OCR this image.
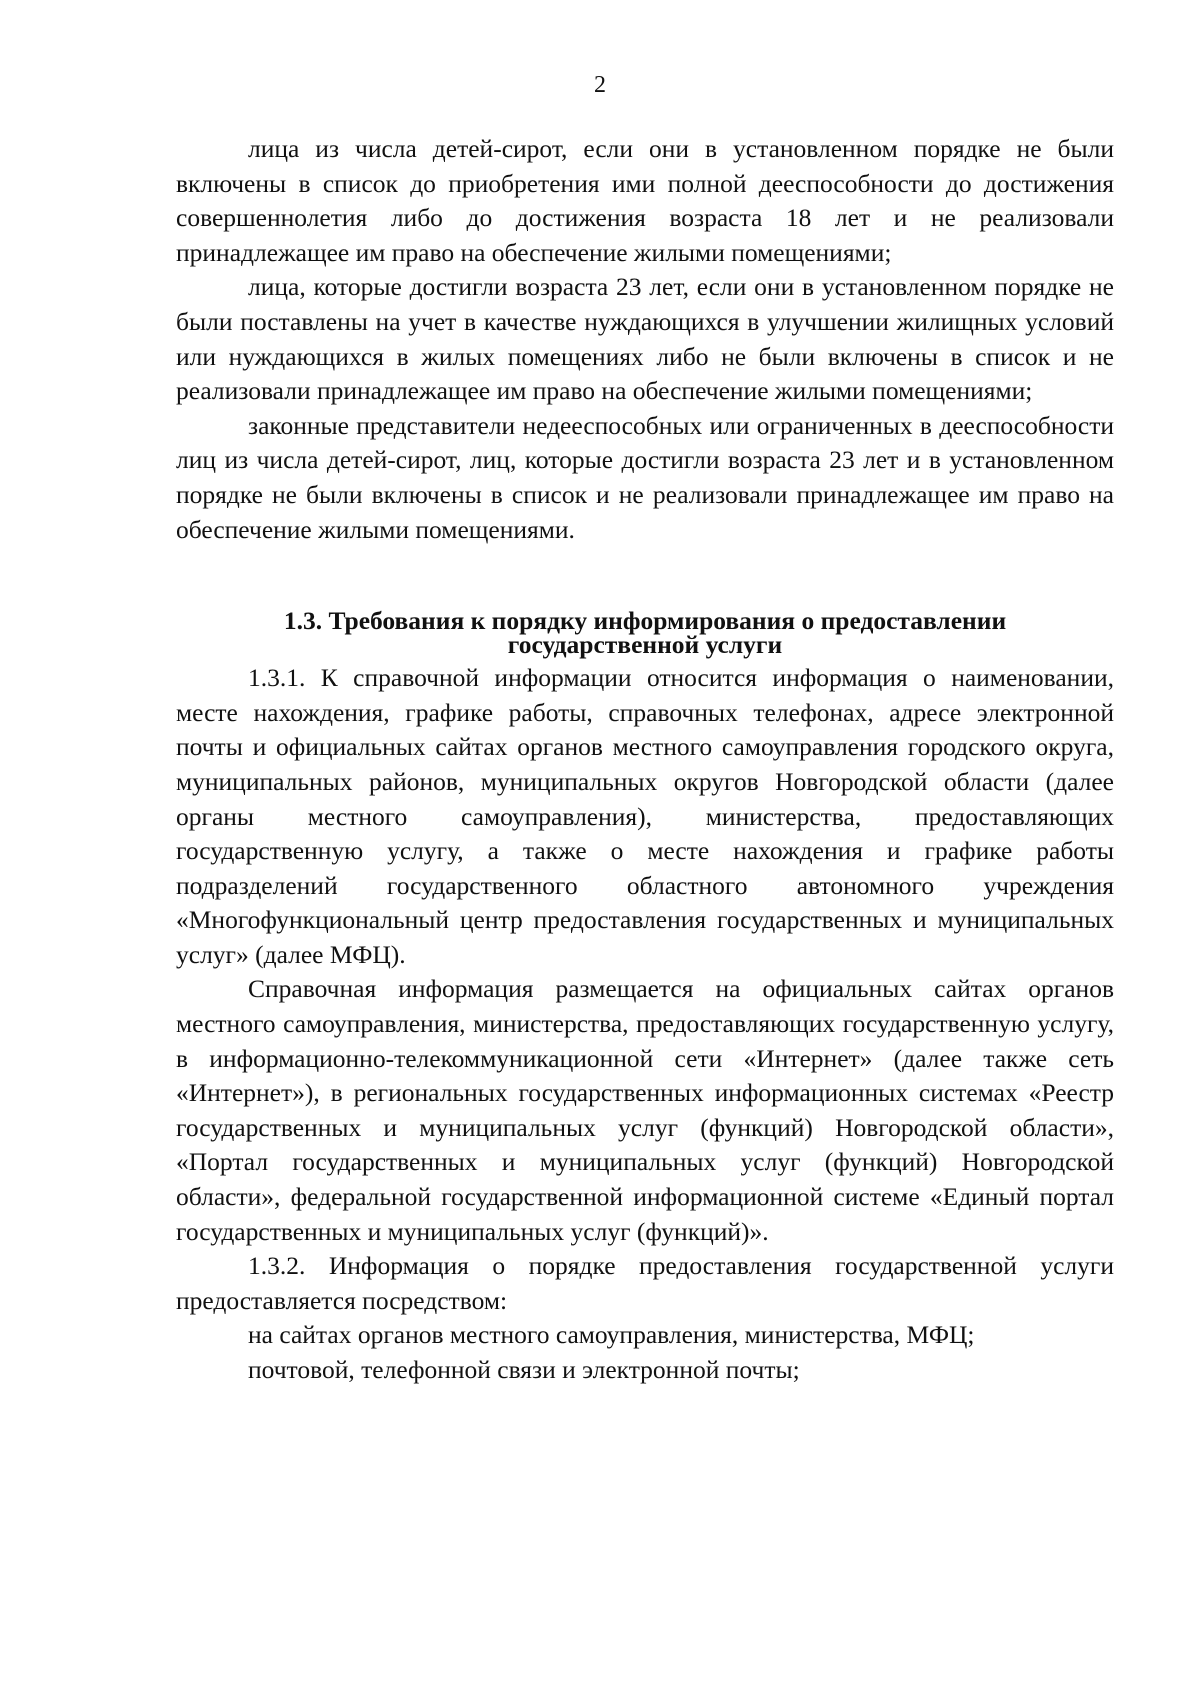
2

лица из числа детей-сирот, если они в установленном порядке не были включены в список до приобретения ими полной дееспособности до достижения совершеннолетия либо до достижения возраста 18 лет и не реализовали принадлежащее им право на обеспечение жилыми помещениями;

лица, которые достигли возраста 23 лет, если они в установленном порядке не были поставлены на учет в качестве нуждающихся в улучшении жилищных условий или нуждающихся в жилых помещениях либо не были включены в список и не реализовали принадлежащее им право на обеспечение жилыми помещениями;

законные представители недееспособных или ограниченных в дееспособности лиц из числа детей-сирот, лиц, которые достигли возраста 23 лет и в установленном порядке не были включены в список и не реализовали принадлежащее им право на обеспечение жилыми помещениями.

1.3. Требования к порядку информирования о предоставлении
государственной услуги

1.3.1. К справочной информации относится информация о наименовании, месте нахождения, графике работы, справочных телефонах, адресе электронной почты и официальных сайтах органов местного самоуправления городского округа, муниципальных районов, муниципальных округов Новгородской области (далее органы местного самоуправления), министерства, предоставляющих государственную услугу, а также о месте нахождения и графике работы подразделений государственного областного автономного учреждения «Многофункциональный центр предоставления государственных и муниципальных услуг» (далее МФЦ).

Справочная информация размещается на официальных сайтах органов местного самоуправления, министерства, предоставляющих государственную услугу, в информационно-телекоммуникационной сети «Интернет» (далее также сеть «Интернет»), в региональных государственных информационных системах «Реестр государственных и муниципальных услуг (функций) Новгородской области», «Портал государственных и муниципальных услуг (функций) Новгородской области», федеральной государственной информационной системе «Единый портал государственных и муниципальных услуг (функций)».

1.3.2. Информация о порядке предоставления государственной услуги предоставляется посредством:

на сайтах органов местного самоуправления, министерства, МФЦ;

почтовой, телефонной связи и электронной почты;
